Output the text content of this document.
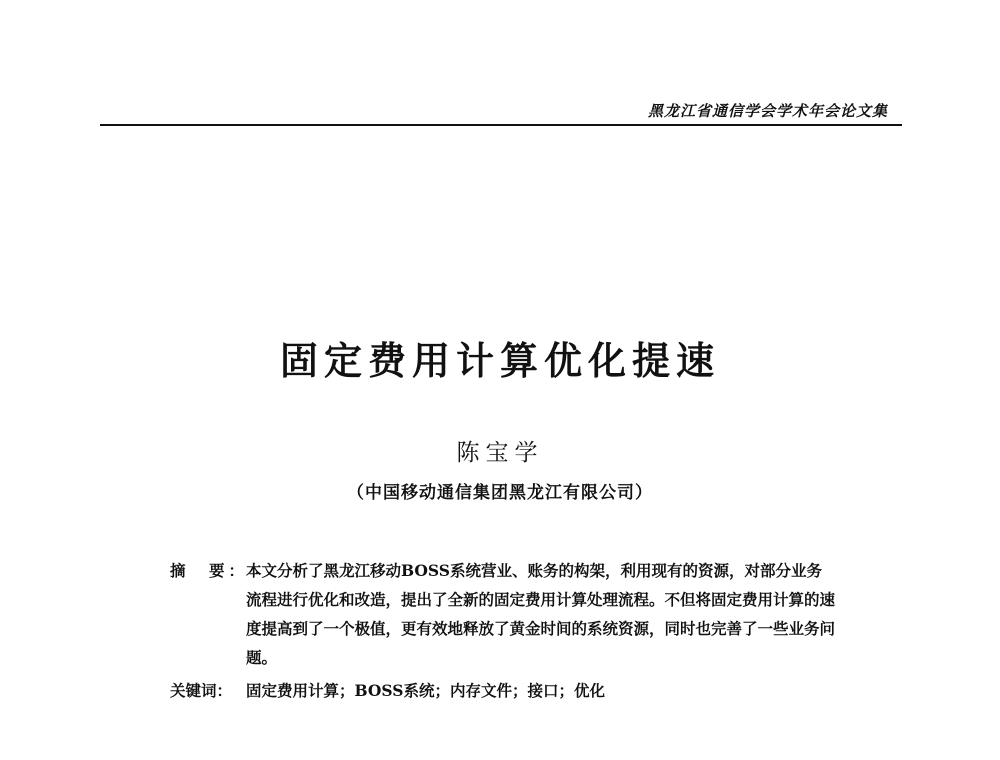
黑龙江省通信学会学术年会论文集
固定费用计算优化提速
陈宝学
（中国移动通信集团黑龙江有限公司）
摘　要：
本文分析了黑龙江移动BOSS系统营业、账务的构架，利用现有的资源，对部分业务流程进行优化和改造，提出了全新的固定费用计算处理流程。不但将固定费用计算的速度提高到了一个极值，更有效地释放了黄金时间的系统资源，同时也完善了一些业务问题。
关键词： 固定费用计算；BOSS系统；内存文件；接口；优化
